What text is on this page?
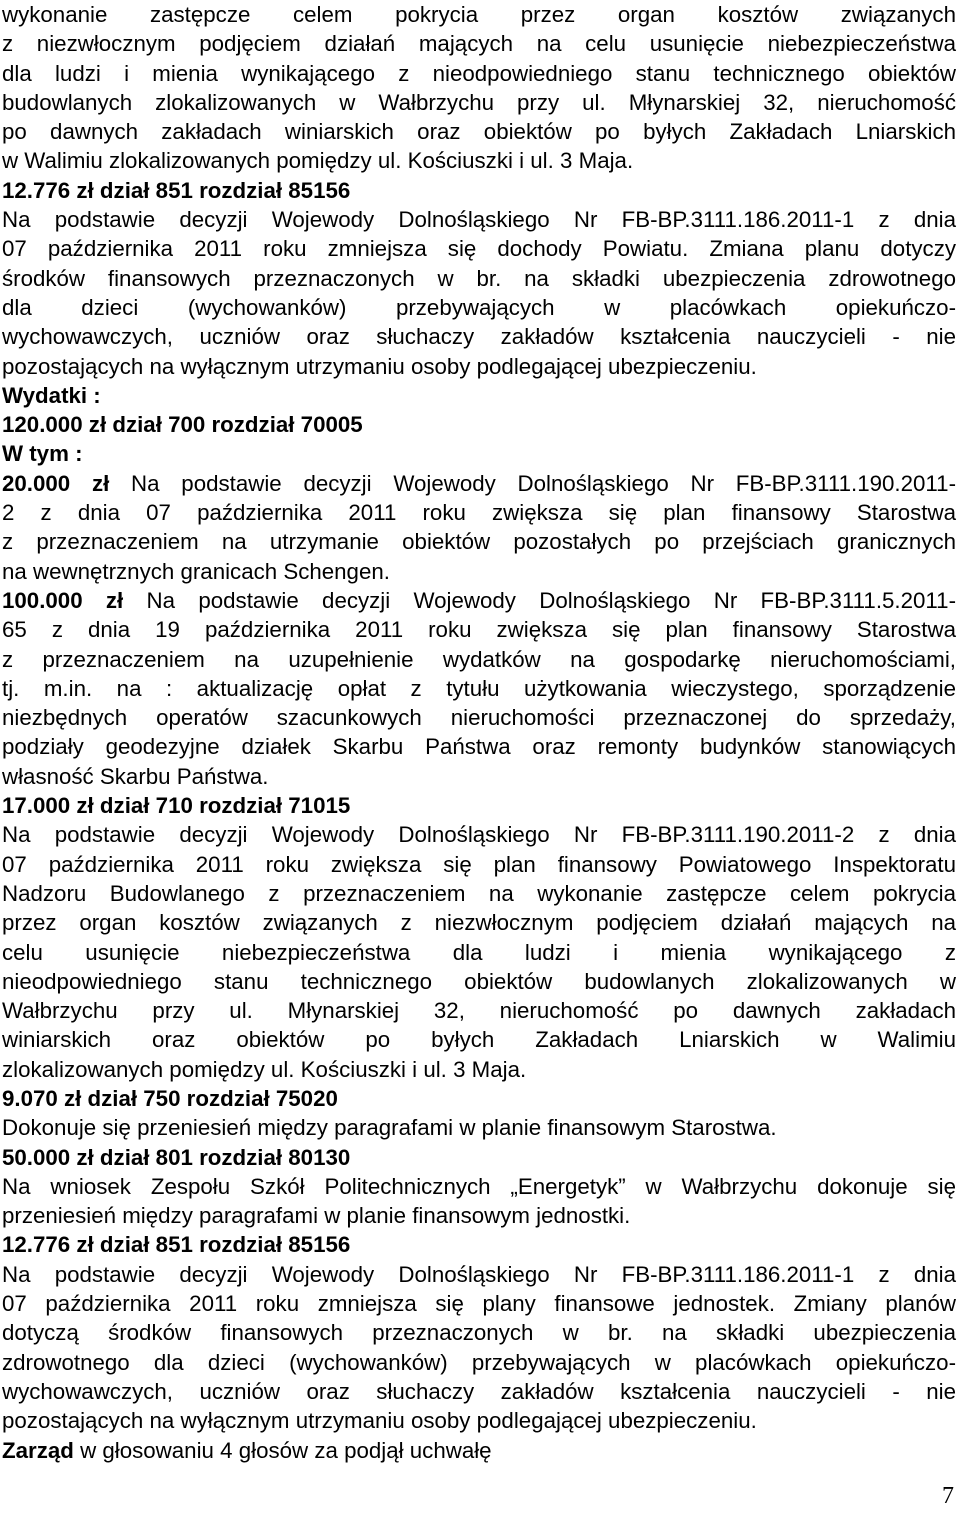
wykonanie zastępcze celem pokrycia przez organ kosztów związanych
z niezwłocznym podjęciem działań mających na celu usunięcie niebezpieczeństwa
dla ludzi i mienia wynikającego z nieodpowiedniego stanu technicznego obiektów
budowlanych zlokalizowanych w Wałbrzychu przy ul. Młynarskiej 32, nieruchomość
po dawnych zakładach winiarskich oraz obiektów po byłych Zakładach Lniarskich
w Walimiu zlokalizowanych pomiędzy ul. Kościuszki i ul. 3 Maja.
12.776 zł dział 851 rozdział 85156
Na podstawie decyzji Wojewody Dolnośląskiego Nr FB-BP.3111.186.2011-1 z dnia
07 października 2011 roku zmniejsza się dochody Powiatu. Zmiana planu dotyczy
środków finansowych przeznaczonych w br. na składki ubezpieczenia zdrowotnego
dla dzieci (wychowanków) przebywających w placówkach opiekuńczo-
wychowawczych, uczniów oraz słuchaczy zakładów kształcenia nauczycieli - nie
pozostających na wyłącznym utrzymaniu osoby podlegającej ubezpieczeniu.
Wydatki :
120.000 zł dział 700 rozdział 70005
W tym :
20.000 zł Na podstawie decyzji Wojewody Dolnośląskiego Nr FB-BP.3111.190.2011-
2 z dnia 07 października 2011 roku zwiększa się plan finansowy Starostwa
z przeznaczeniem na utrzymanie obiektów pozostałych po przejściach granicznych
na wewnętrznych granicach Schengen.
100.000 zł Na podstawie decyzji Wojewody Dolnośląskiego Nr FB-BP.3111.5.2011-
65 z dnia 19 października 2011 roku zwiększa się plan finansowy Starostwa
z przeznaczeniem na uzupełnienie wydatków na gospodarkę nieruchomościami,
tj. m.in. na : aktualizację opłat z tytułu użytkowania wieczystego, sporządzenie
niezbędnych operatów szacunkowych nieruchomości przeznaczonej do sprzedaży,
podziały geodezyjne działek Skarbu Państwa oraz remonty budynków stanowiących
własność Skarbu Państwa.
17.000 zł dział 710 rozdział 71015
Na podstawie decyzji Wojewody Dolnośląskiego Nr FB-BP.3111.190.2011-2 z dnia
07 października 2011 roku zwiększa się plan finansowy Powiatowego Inspektoratu
Nadzoru Budowlanego z przeznaczeniem na wykonanie zastępcze celem pokrycia
przez organ kosztów związanych z niezwłocznym podjęciem działań mających na
celu usunięcie niebezpieczeństwa dla ludzi i mienia wynikającego z
nieodpowiedniego stanu technicznego obiektów budowlanych zlokalizowanych w
Wałbrzychu przy ul. Młynarskiej 32, nieruchomość po dawnych zakładach
winiarskich oraz obiektów po byłych Zakładach Lniarskich w Walimiu
zlokalizowanych pomiędzy ul. Kościuszki i ul. 3 Maja.
9.070 zł dział 750 rozdział 75020
Dokonuje się przeniesień między paragrafami w planie finansowym Starostwa.
50.000 zł dział 801 rozdział 80130
Na wniosek Zespołu Szkół Politechnicznych „Energetyk” w Wałbrzychu dokonuje się
przeniesień między paragrafami w planie finansowym jednostki.
12.776 zł dział 851 rozdział 85156
Na podstawie decyzji Wojewody Dolnośląskiego Nr FB-BP.3111.186.2011-1 z dnia
07 października 2011 roku zmniejsza się plany finansowe jednostek. Zmiany planów
dotyczą środków finansowych przeznaczonych w br. na składki ubezpieczenia
zdrowotnego dla dzieci (wychowanków) przebywających w placówkach opiekuńczo-
wychowawczych, uczniów oraz słuchaczy zakładów kształcenia nauczycieli - nie
pozostających na wyłącznym utrzymaniu osoby podlegającej ubezpieczeniu.
Zarząd w głosowaniu 4 głosów za podjął uchwałę
7
